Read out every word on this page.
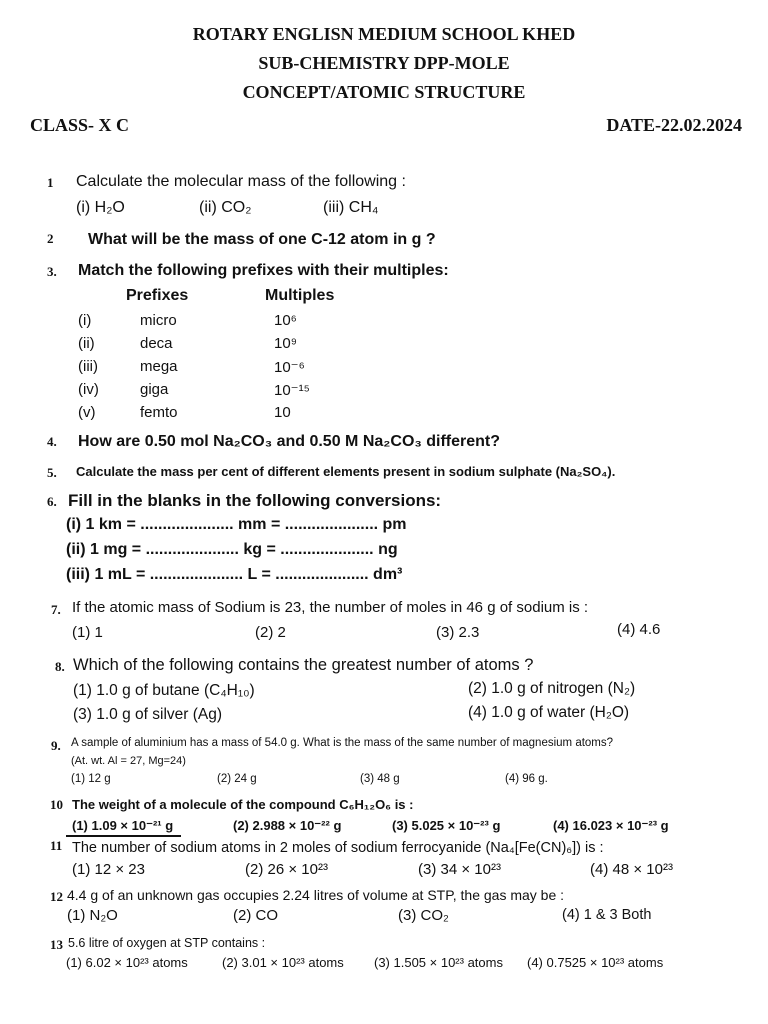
ROTARY ENGLISN MEDIUM SCHOOL KHED
SUB-CHEMISTRY DPP-MOLE
CONCEPT/ATOMIC STRUCTURE
CLASS- X C	DATE-22.02.2024
1 Calculate the molecular mass of the following :
(i) H₂O	(ii) CO₂	(iii) CH₄
2 What will be the mass of one C-12 atom in g ?
3. Match the following prefixes with their multiples:
Prefixes	Multiples
(i)	micro	10⁶
(ii)	deca	10⁹
(iii)	mega	10⁻⁶
(iv)	giga	10⁻¹⁵
(v)	femto	10
4. How are 0.50 mol Na₂CO₃ and 0.50 M Na₂CO₃ different?
5. Calculate the mass per cent of different elements present in sodium sulphate (Na₂SO₄).
6. Fill in the blanks in the following conversions:
(i) 1 km = ..................... mm = ..................... pm
(ii) 1 mg = ..................... kg = ..................... ng
(iii) 1 mL = ..................... L = ..................... dm³
7. If the atomic mass of Sodium is 23, the number of moles in 46 g of sodium is :
(1) 1	(2) 2	(3) 2.3	(4) 4.6
8. Which of the following contains the greatest number of atoms ?
(1) 1.0 g of butane (C₄H₁₀)	(2) 1.0 g of nitrogen (N₂)
(3) 1.0 g of silver (Ag)	(4) 1.0 g of water (H₂O)
9. A sample of aluminium has a mass of 54.0 g. What is the mass of the same number of magnesium atoms?
(At. wt. Al = 27, Mg=24)
(1) 12 g	(2) 24 g	(3) 48 g	(4) 96 g.
10 The weight of a molecule of the compound C₆H₁₂O₆ is :
(1) 1.09 × 10⁻²¹ g	(2) 2.988 × 10⁻²² g	(3) 5.025 × 10⁻²³ g	(4) 16.023 × 10⁻²³ g
11 The number of sodium atoms in 2 moles of sodium ferrocyanide (Na₄[Fe(CN)₆]) is :
(1) 12 × 23	(2) 26 × 10²³	(3) 34 × 10²³	(4) 48 × 10²³
12 4.4 g of an unknown gas occupies 2.24 litres of volume at STP, the gas may be :
(1) N₂O	(2) CO	(3) CO₂	(4) 1 & 3 Both
13 5.6 litre of oxygen at STP contains :
(1) 6.02 × 10²³ atoms	(2) 3.01 × 10²³ atoms (3) 1.505 × 10²³ atoms (4) 0.7525 × 10²³ atoms
